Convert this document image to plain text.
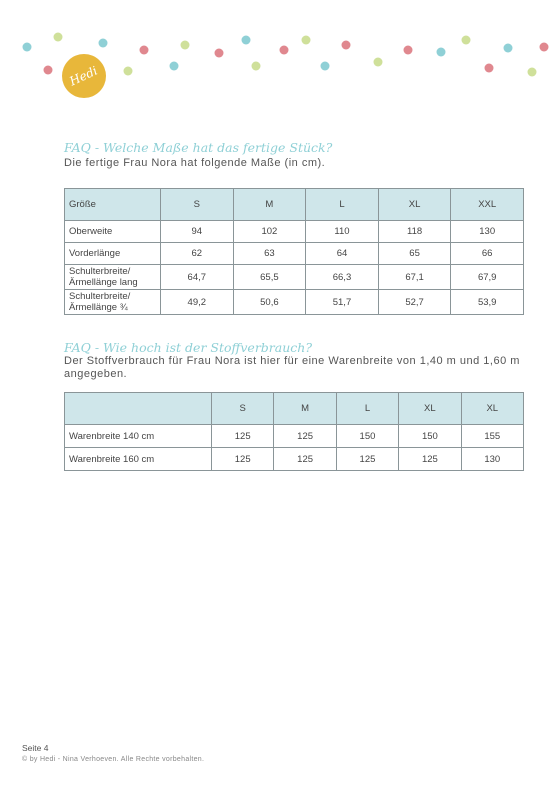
Hedi
FAQ - Welche Maße hat das fertige Stück?
Die fertige Frau Nora hat folgende Maße (in cm).
Größe	S	M	L	XL	XXL
Oberweite	94	102	110	118	130
Vorderlänge	62	63	64	65	66

Schulterbreite/
Ärmellänge lang	64,7	65,5	66,3	67,1	67,9

Schulterbreite/
Ärmellänge ¾	49,2	50,6	51,7	52,7	53,9
FAQ - Wie hoch ist der Stoffverbrauch?
Der Stoffverbrauch für Frau Nora ist hier für eine Warenbreite von 1,40 m und 1,60 m
angegeben.
	S	M	L	XL	XL
Warenbreite 140 cm	125	125	150	150	155
Warenbreite 160 cm	125	125	125	125	130
Seite 4
© by Hedi - Nina Verhoeven. Alle Rechte vorbehalten.
